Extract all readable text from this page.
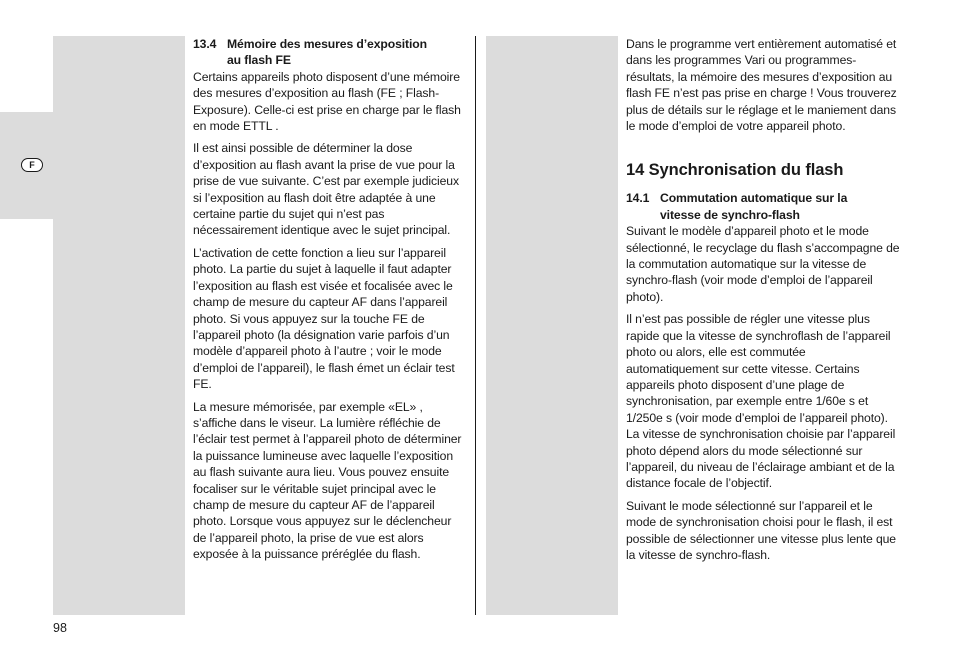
F
13.4 Mémoire des mesures d’exposition
au flash FE

Certains appareils photo disposent d’une mémoire des mesures d’exposition au flash (FE ; Flash-Exposure). Celle-ci est prise en charge par le flash en mode ETTL .

Il est ainsi possible de déterminer la dose d’exposition au flash avant la prise de vue pour la prise de vue suivante. C’est par exemple judicieux si l’exposition au flash doit être adaptée à une certaine partie du sujet qui n’est pas nécessairement identique avec le sujet principal.

L’activation de cette fonction a lieu sur l’appareil photo. La partie du sujet à laquelle il faut adapter l’exposition au flash est visée et focalisée avec le champ de mesure du capteur AF dans l’appareil photo. Si vous appuyez sur la touche FE de l’appareil photo (la désignation varie parfois d’un modèle d’appareil photo à l’autre ; voir le mode d’emploi de l’appareil), le flash émet un éclair test FE.

La mesure mémorisée, par exemple «EL» , s’affiche dans le viseur. La lumière réfléchie de l’éclair test permet à l’appareil photo de déterminer la puissance lumineuse avec laquelle l’exposition au flash suivante aura lieu. Vous pouvez ensuite focaliser sur le véritable sujet principal avec le champ de mesure du capteur AF de l’appareil photo. Lorsque vous appuyez sur le déclencheur de l’appareil photo, la prise de vue est alors exposée à la puissance préréglée du flash.

Dans le programme vert entièrement automatisé et dans les programmes Vari ou programmes-résultats, la mémoire des mesures d’exposition au flash FE n’est pas prise en charge ! Vous trouverez plus de détails sur le réglage et le maniement dans le mode d’emploi de votre appareil photo.

14 Synchronisation du flash
14.1 Commutation automatique sur la
vitesse de synchro-flash

Suivant le modèle d’appareil photo et le mode sélectionné, le recyclage du flash s’accompagne de la commutation automatique sur la vitesse de synchro-flash (voir mode d’emploi de l’appareil photo).

Il n’est pas possible de régler une vitesse plus rapide que la vitesse de synchroflash de l’appareil photo ou alors, elle est commutée automatiquement sur cette vitesse. Certains appareils photo disposent d’une plage de synchronisation, par exemple entre 1/60e s et 1/250e s (voir mode d’emploi de l’appareil photo). La vitesse de synchronisation choisie par l’appareil photo dépend alors du mode sélectionné sur l’appareil, du niveau de l’éclairage ambiant et de la distance focale de l’objectif.

Suivant le mode sélectionné sur l’appareil et le mode de synchronisation choisi pour le flash, il est possible de sélectionner une vitesse plus lente que la vitesse de synchro-flash.

98
